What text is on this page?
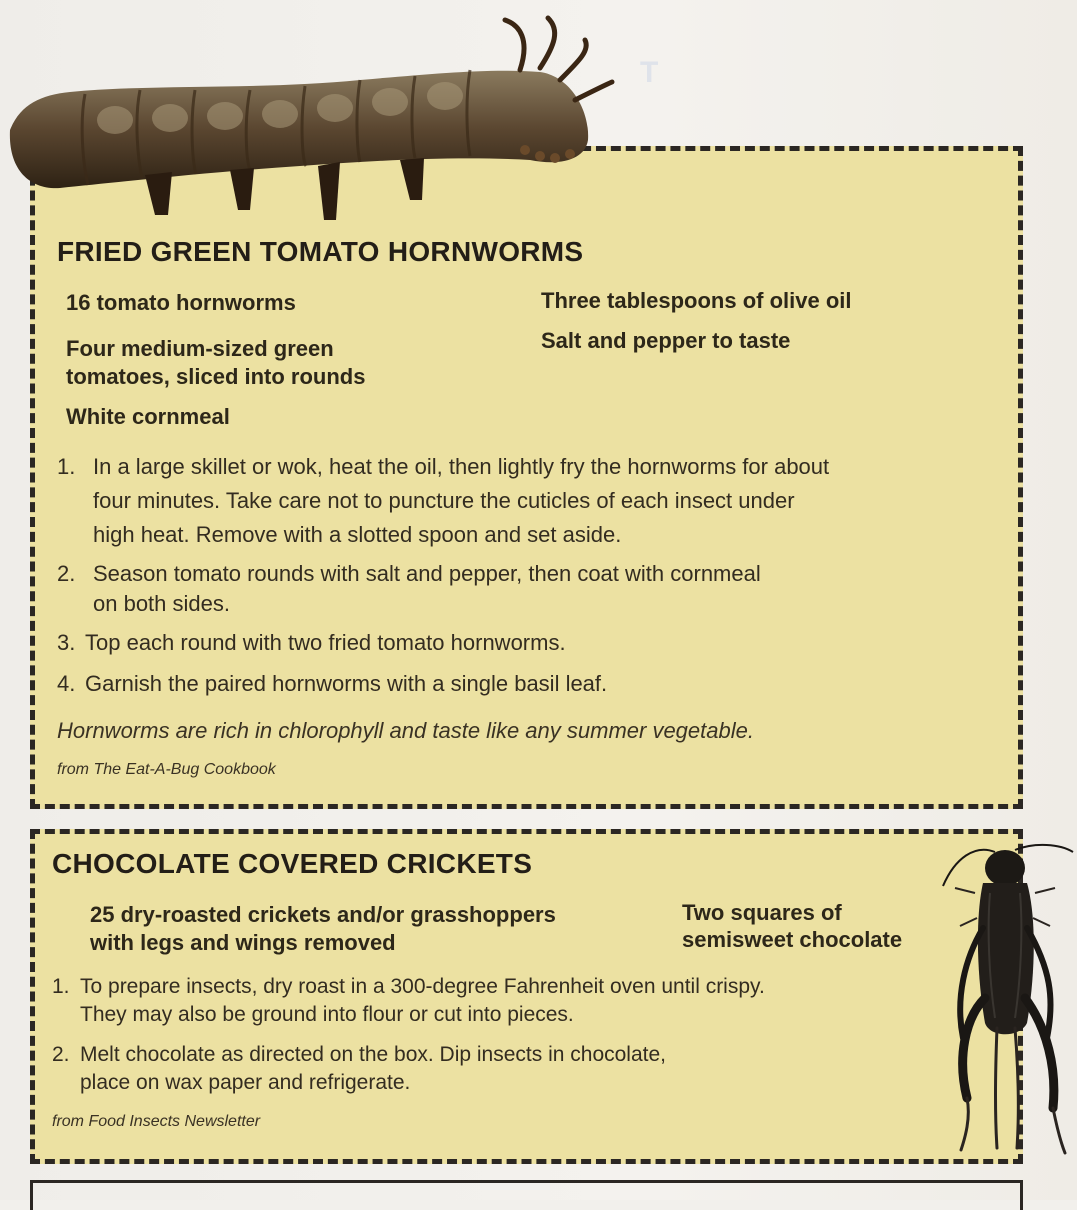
T
FRIED GREEN TOMATO HORNWORMS
16 tomato hornworms
Four medium-sized green
tomatoes, sliced into rounds
White cornmeal
Three tablespoons of olive oil
Salt and pepper to taste
1. In a large skillet or wok, heat the oil, then lightly fry the hornworms for about
four minutes. Take care not to puncture the cuticles of each insect under
high heat. Remove with a slotted spoon and set aside.
2. Season tomato rounds with salt and pepper, then coat with cornmeal
on both sides.
3. Top each round with two fried tomato hornworms.
4. Garnish the paired hornworms with a single basil leaf.
Hornworms are rich in chlorophyll and taste like any summer vegetable.
from The Eat-A-Bug Cookbook
CHOCOLATE COVERED CRICKETS
25 dry-roasted crickets and/or grasshoppers
with legs and wings removed
Two squares of
semisweet chocolate
1. To prepare insects, dry roast in a 300-degree Fahrenheit oven until crispy.
They may also be ground into flour or cut into pieces.
2. Melt chocolate as directed on the box. Dip insects in chocolate,
place on wax paper and refrigerate.
from Food Insects Newsletter
